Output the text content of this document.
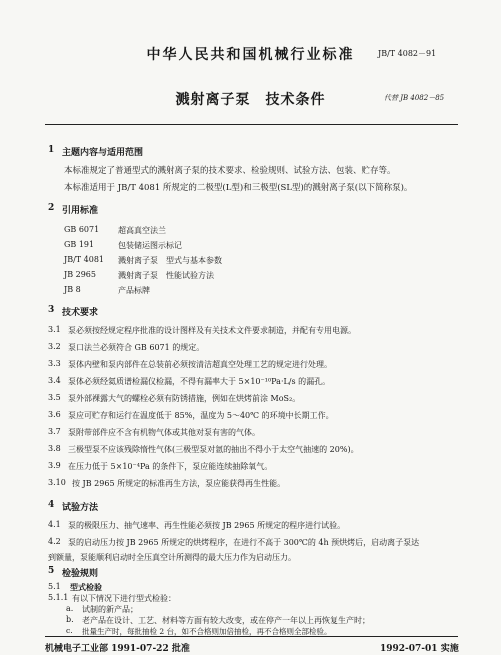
中华人民共和国机械行业标准	JB/T 4082－91
溅射离子泵　技术条件	代替 JB 4082－85
1 主题内容与适用范围
本标准规定了普通型式的溅射离子泵的技术要求、检验规则、试验方法、包装、贮存等。
本标准适用于 JB/T 4081 所规定的二极型(L型)和三极型(SL型)的溅射离子泵(以下简称泵)。
2 引用标准
GB 6071 超高真空法兰
GB 191	包装储运图示标记
JB/T 4081 溅射离子泵　型式与基本参数
JB 2965	溅射离子泵　性能试验方法
JB 8	产品标牌
3 技术要求
3.1 泵必须按经规定程序批准的设计图样及有关技术文件要求制造，并配有专用电源。
3.2 泵口法兰必须符合 GB 6071 的规定。
3.3 泵体内壁和泵内部件在总装前必须按清洁超真空处理工艺的规定进行处理。
3.4 泵体必须经氦质谱检漏仪检漏，不得有漏率大于 5×10⁻¹⁰Pa·L/s 的漏孔。
3.5 泵外部裸露大气的螺栓必须有防锈措施，例如在烘烤前涂 MoS₂。
3.6 泵应可贮存和运行在温度低于 85%，温度为 5～40℃ 的环境中长期工作。
3.7 泵附带部件应不含有机物气体或其他对泵有害的气体。
3.8 三极型泵不应该残除惰性气体(三极型泵对氩的抽出不得小于太空气抽速的 20%)。
3.9 在压力低于 5×10⁻⁴Pa 的条件下，泵应能连续抽除氧气。
3.10 按 JB 2965 所规定的标准再生方法，泵应能获得再生性能。
4 试验方法
4.1 泵的极限压力、抽气速率、再生性能必须按 JB 2965 所规定的程序进行试验。
4.2 泵的启动压力按 JB 2965 所规定的烘烤程序，在进行不高于 300℃的 4h 预烘烤后，启动离子泵达
到额量，泵能顺利启动时全压真空计所测得的最大压力作为启动压力。
5 检验规则
5.1 型式检验
5.1.1 有以下情况下进行型式检验：
a. 试制的新产品；
b. 老产品在设计、工艺、材料等方面有较大改变，或在停产一年以上再恢复生产时；
c. 批量生产时，每批抽检 2 台，如不合格则加倍抽检，再不合格则全部检验。
机械电子工业部 1991-07-22 批准	1992-07-01 实施
